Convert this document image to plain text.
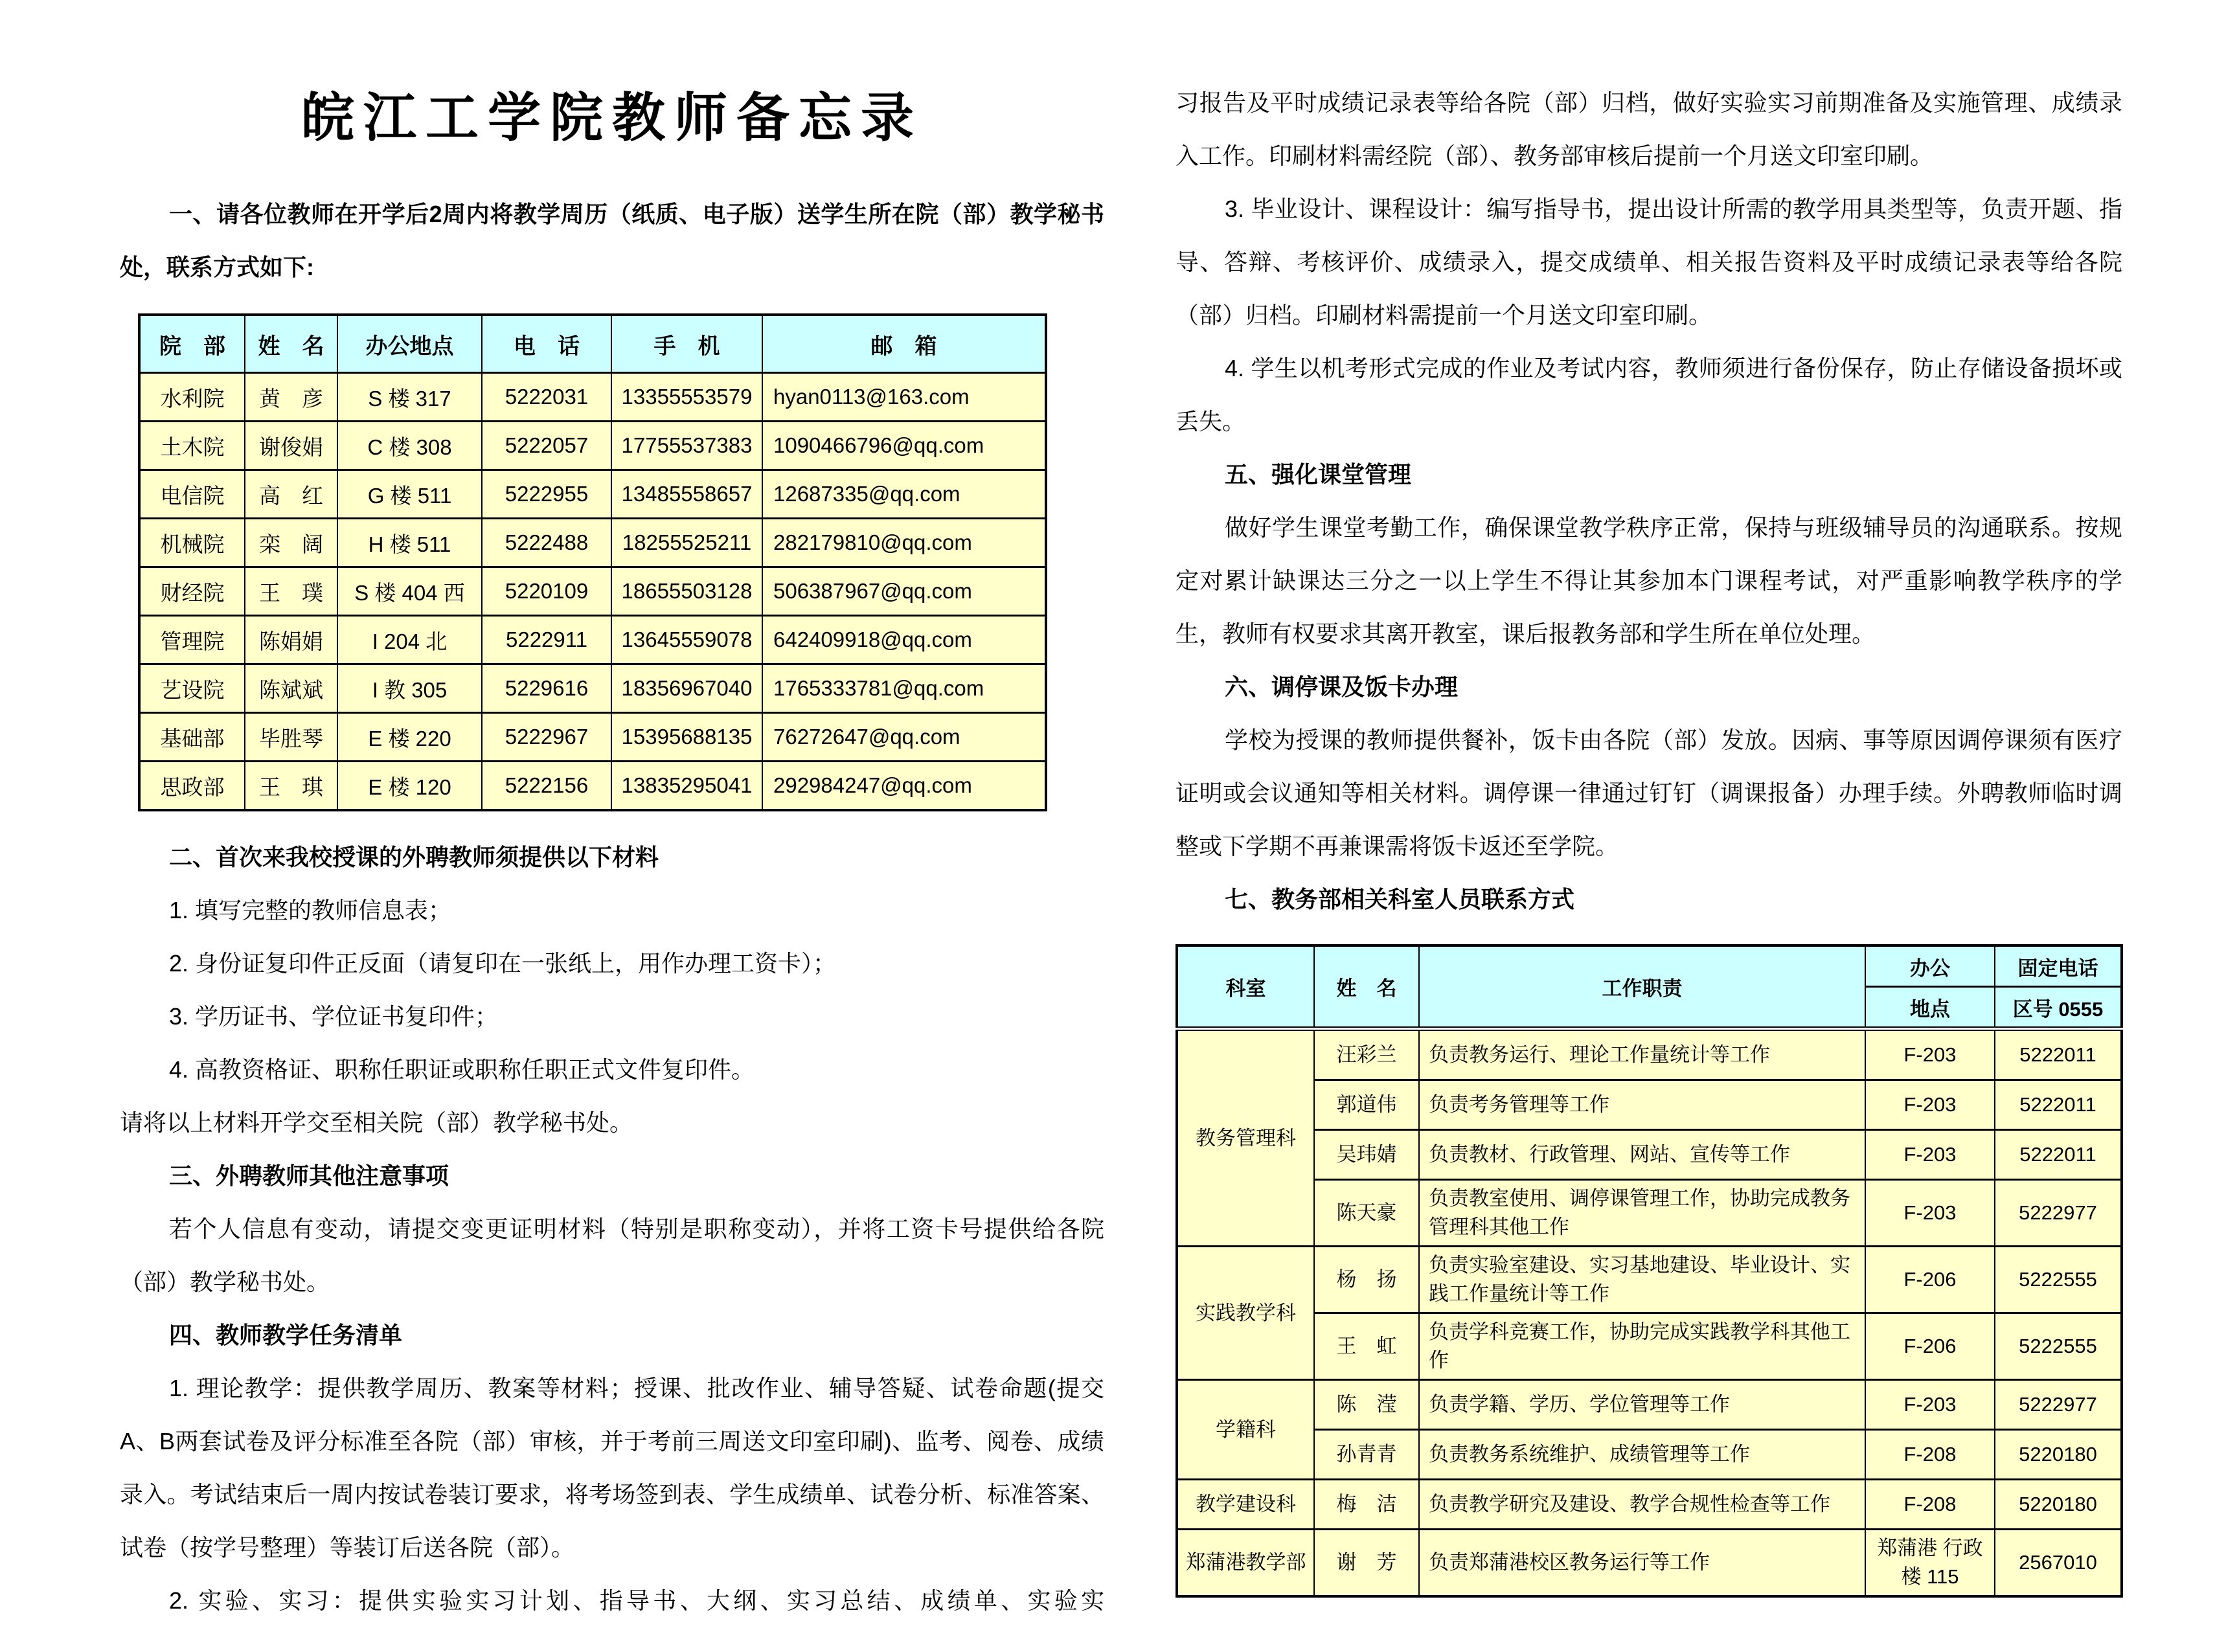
皖江工学院教师备忘录

一、请各位教师在开学后2周内将教学周历（纸质、电子版）送学生所在院（部）教学秘书处，联系方式如下:

院　部	姓　名	办公地点	电　话	手　机	邮　箱
水利院	黄　彦	S 楼 317	5222031	13355553579	hyan0113@163.com
土木院	谢俊娟	C 楼 308	5222057	17755537383	1090466796@qq.com
电信院	高　红	G 楼 511	5222955	13485558657	12687335@qq.com
机械院	栾　阔	H 楼 511	5222488	18255525211	282179810@qq.com
财经院	王　璞	S 楼 404 西	5220109	18655503128	506387967@qq.com
管理院	陈娟娟	I 204 北	5222911	13645559078	642409918@qq.com
艺设院	陈斌斌	I 教 305	5229616	18356967040	1765333781@qq.com
基础部	毕胜琴	E 楼 220	5222967	15395688135	76272647@qq.com
思政部	王　琪	E 楼 120	5222156	13835295041	292984247@qq.com

二、首次来我校授课的外聘教师须提供以下材料

1. 填写完整的教师信息表；

2. 身份证复印件正反面（请复印在一张纸上，用作办理工资卡）；

3. 学历证书、学位证书复印件；

4. 高教资格证、职称任职证或职称任职正式文件复印件。

请将以上材料开学交至相关院（部）教学秘书处。

三、外聘教师其他注意事项

若个人信息有变动，请提交变更证明材料（特别是职称变动），并将工资卡号提供给各院（部）教学秘书处。

四、教师教学任务清单

1. 理论教学：提供教学周历、教案等材料；授课、批改作业、辅导答疑、试卷命题(提交A、B两套试卷及评分标准至各院（部）审核，并于考前三周送文印室印刷)、监考、阅卷、成绩录入。考试结束后一周内按试卷装订要求，将考场签到表、学生成绩单、试卷分析、标准答案、试卷（按学号整理）等装订后送各院（部）。

2. 实验、实习：提供实验实习计划、指导书、大纲、实习总结、成绩单、实验实

习报告及平时成绩记录表等给各院（部）归档，做好实验实习前期准备及实施管理、成绩录入工作。印刷材料需经院（部）、教务部审核后提前一个月送文印室印刷。

3. 毕业设计、课程设计：编写指导书，提出设计所需的教学用具类型等，负责开题、指导、答辩、考核评价、成绩录入，提交成绩单、相关报告资料及平时成绩记录表等给各院（部）归档。印刷材料需提前一个月送文印室印刷。

4. 学生以机考形式完成的作业及考试内容，教师须进行备份保存，防止存储设备损坏或丢失。

五、强化课堂管理

做好学生课堂考勤工作，确保课堂教学秩序正常，保持与班级辅导员的沟通联系。按规定对累计缺课达三分之一以上学生不得让其参加本门课程考试，对严重影响教学秩序的学生，教师有权要求其离开教室，课后报教务部和学生所在单位处理。

六、调停课及饭卡办理

学校为授课的教师提供餐补，饭卡由各院（部）发放。因病、事等原因调停课须有医疗证明或会议通知等相关材料。调停课一律通过钉钉（调课报备）办理手续。外聘教师临时调整或下学期不再兼课需将饭卡返还至学院。

七、教务部相关科室人员联系方式

科室	姓　名	工作职责	办公	固定电话
			地点	区号 0555
教务管理科	汪彩兰	负责教务运行、理论工作量统计等工作	F-203	5222011
	郭道伟	负责考务管理等工作	F-203	5222011
	吴玮婧	负责教材、行政管理、网站、宣传等工作	F-203	5222011
	陈天豪	负责教室使用、调停课管理工作，协助完成教务管理科其他工作	F-203	5222977
实践教学科	杨　扬	负责实验室建设、实习基地建设、毕业设计、实践工作量统计等工作	F-206	5222555
	王　虹	负责学科竞赛工作，协助完成实践教学科其他工作	F-206	5222555
学籍科	陈　滢	负责学籍、学历、学位管理等工作	F-203	5222977
	孙青青	负责教务系统维护、成绩管理等工作	F-208	5220180
教学建设科	梅　洁	负责教学研究及建设、教学合规性检查等工作	F-208	5220180
郑蒲港教学部	谢　芳	负责郑蒲港校区教务运行等工作	郑蒲港 行政楼 115	2567010
